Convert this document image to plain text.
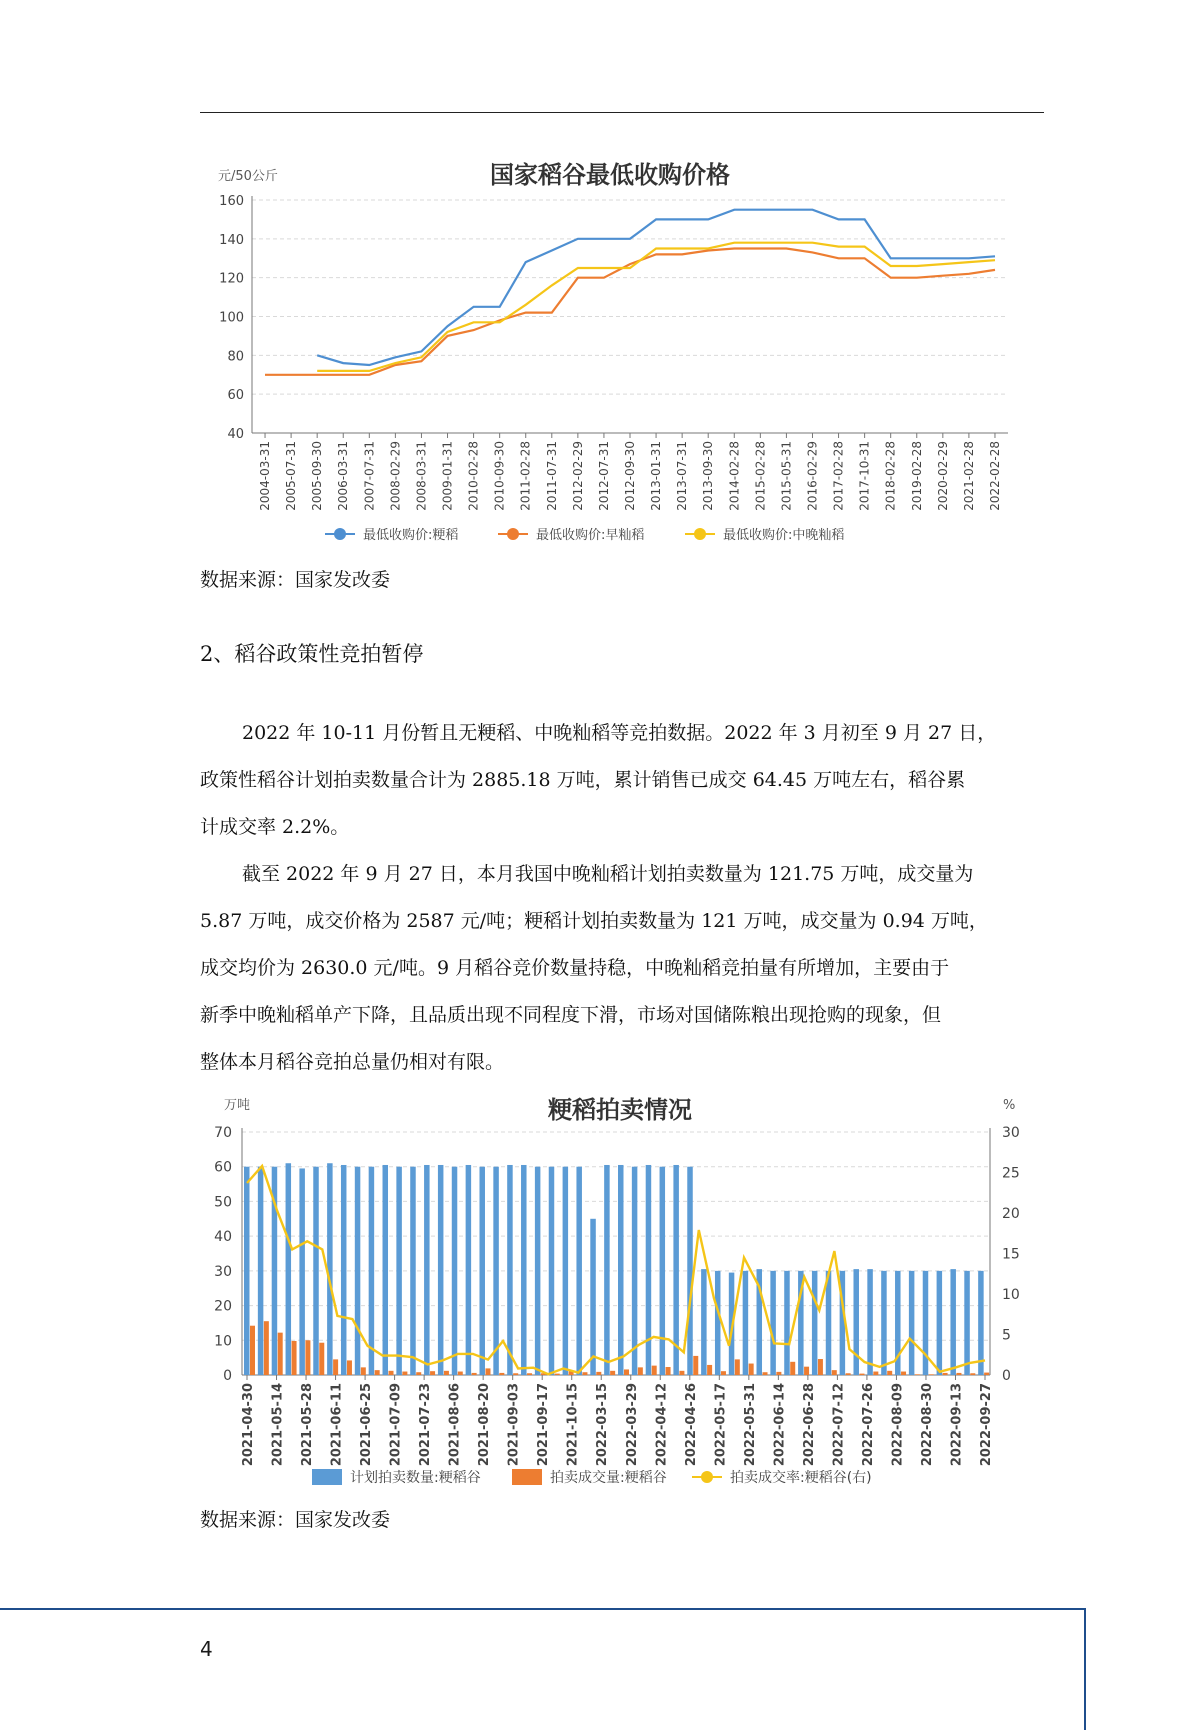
国家稻谷最低收购价格
元/50公斤
40
60
80
100
120
140
160
2004-03-31 2005-07-31 2005-09-30 2006-03-31 2007-07-31 2008-02-29 2008-03-31 2009-01-31 2010-02-28 2010-09-30 2011-02-28 2011-07-31 2012-02-29 2012-07-31 2012-09-30 2013-01-31 2013-07-31 2013-09-30 2014-02-28 2015-02-28 2015-05-31 2016-02-29 2017-02-28 2017-10-31 2018-02-28 2019-02-28 2020-02-29 2021-02-28 2022-02-28
最低收购价:粳稻	最低收购价:早籼稻	最低收购价:中晚籼稻
数据来源：国家发改委
2、稻谷政策性竞拍暂停
2022 年 10-11 月份暂且无粳稻、中晚籼稻等竞拍数据。2022 年 3 月初至 9 月 27 日，
政策性稻谷计划拍卖数量合计为 2885.18 万吨，累计销售已成交 64.45 万吨左右，稻谷累
计成交率 2.2%。
截至 2022 年 9 月 27 日，本月我国中晚籼稻计划拍卖数量为 121.75 万吨，成交量为
5.87 万吨，成交价格为 2587 元/吨；粳稻计划拍卖数量为 121 万吨，成交量为 0.94 万吨，
成交均价为 2630.0 元/吨。9 月稻谷竞价数量持稳，中晚籼稻竞拍量有所增加，主要由于
新季中晚籼稻单产下降，且品质出现不同程度下滑，市场对国储陈粮出现抢购的现象，但
整体本月稻谷竞拍总量仍相对有限。
粳稻拍卖情况
万吨	%
0
10
20
30
40
50
60
70
0
5
10
15
20
25
30
2021-04-30 2021-05-14 2021-05-28 2021-06-11 2021-06-25 2021-07-09 2021-07-23 2021-08-06 2021-08-20 2021-09-03 2021-09-17 2021-10-15 2022-03-15 2022-03-29 2022-04-12 2022-04-26 2022-05-17 2022-05-31 2022-06-14 2022-06-28 2022-07-12 2022-07-26 2022-08-09 2022-08-30 2022-09-13 2022-09-27
计划拍卖数量:粳稻谷	拍卖成交量:粳稻谷	拍卖成交率:粳稻谷(右)
数据来源：国家发改委
4
